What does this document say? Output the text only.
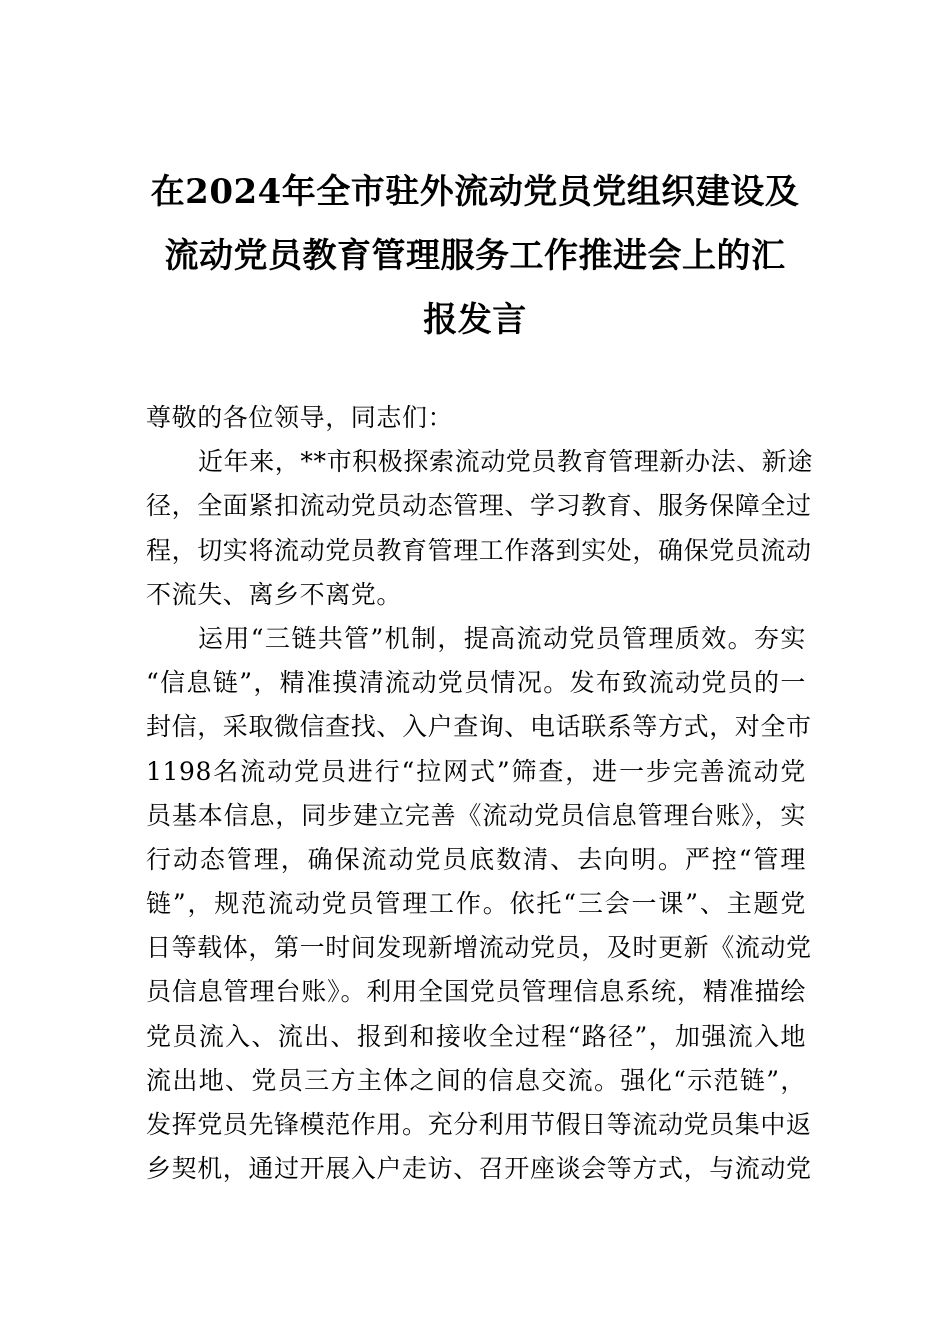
在2024年全市驻外流动党员党组织建设及
流动党员教育管理服务工作推进会上的汇
报发言
尊敬的各位领导，同志们：
近年来，**市积极探索流动党员教育管理新办法、新途
径，全面紧扣流动党员动态管理、学习教育、服务保障全过
程，切实将流动党员教育管理工作落到实处，确保党员流动
不流失、离乡不离党。
运用“三链共管”机制，提高流动党员管理质效。夯实
“信息链”，精准摸清流动党员情况。发布致流动党员的一
封信，采取微信查找、入户查询、电话联系等方式，对全市
1198名流动党员进行“拉网式”筛查，进一步完善流动党
员基本信息，同步建立完善《流动党员信息管理台账》，实
行动态管理，确保流动党员底数清、去向明。严控“管理
链”，规范流动党员管理工作。依托“三会一课”、主题党
日等载体，第一时间发现新增流动党员，及时更新《流动党
员信息管理台账》。利用全国党员管理信息系统，精准描绘
党员流入、流出、报到和接收全过程“路径”，加强流入地
流出地、党员三方主体之间的信息交流。强化“示范链”，
发挥党员先锋模范作用。充分利用节假日等流动党员集中返
乡契机，通过开展入户走访、召开座谈会等方式，与流动党
